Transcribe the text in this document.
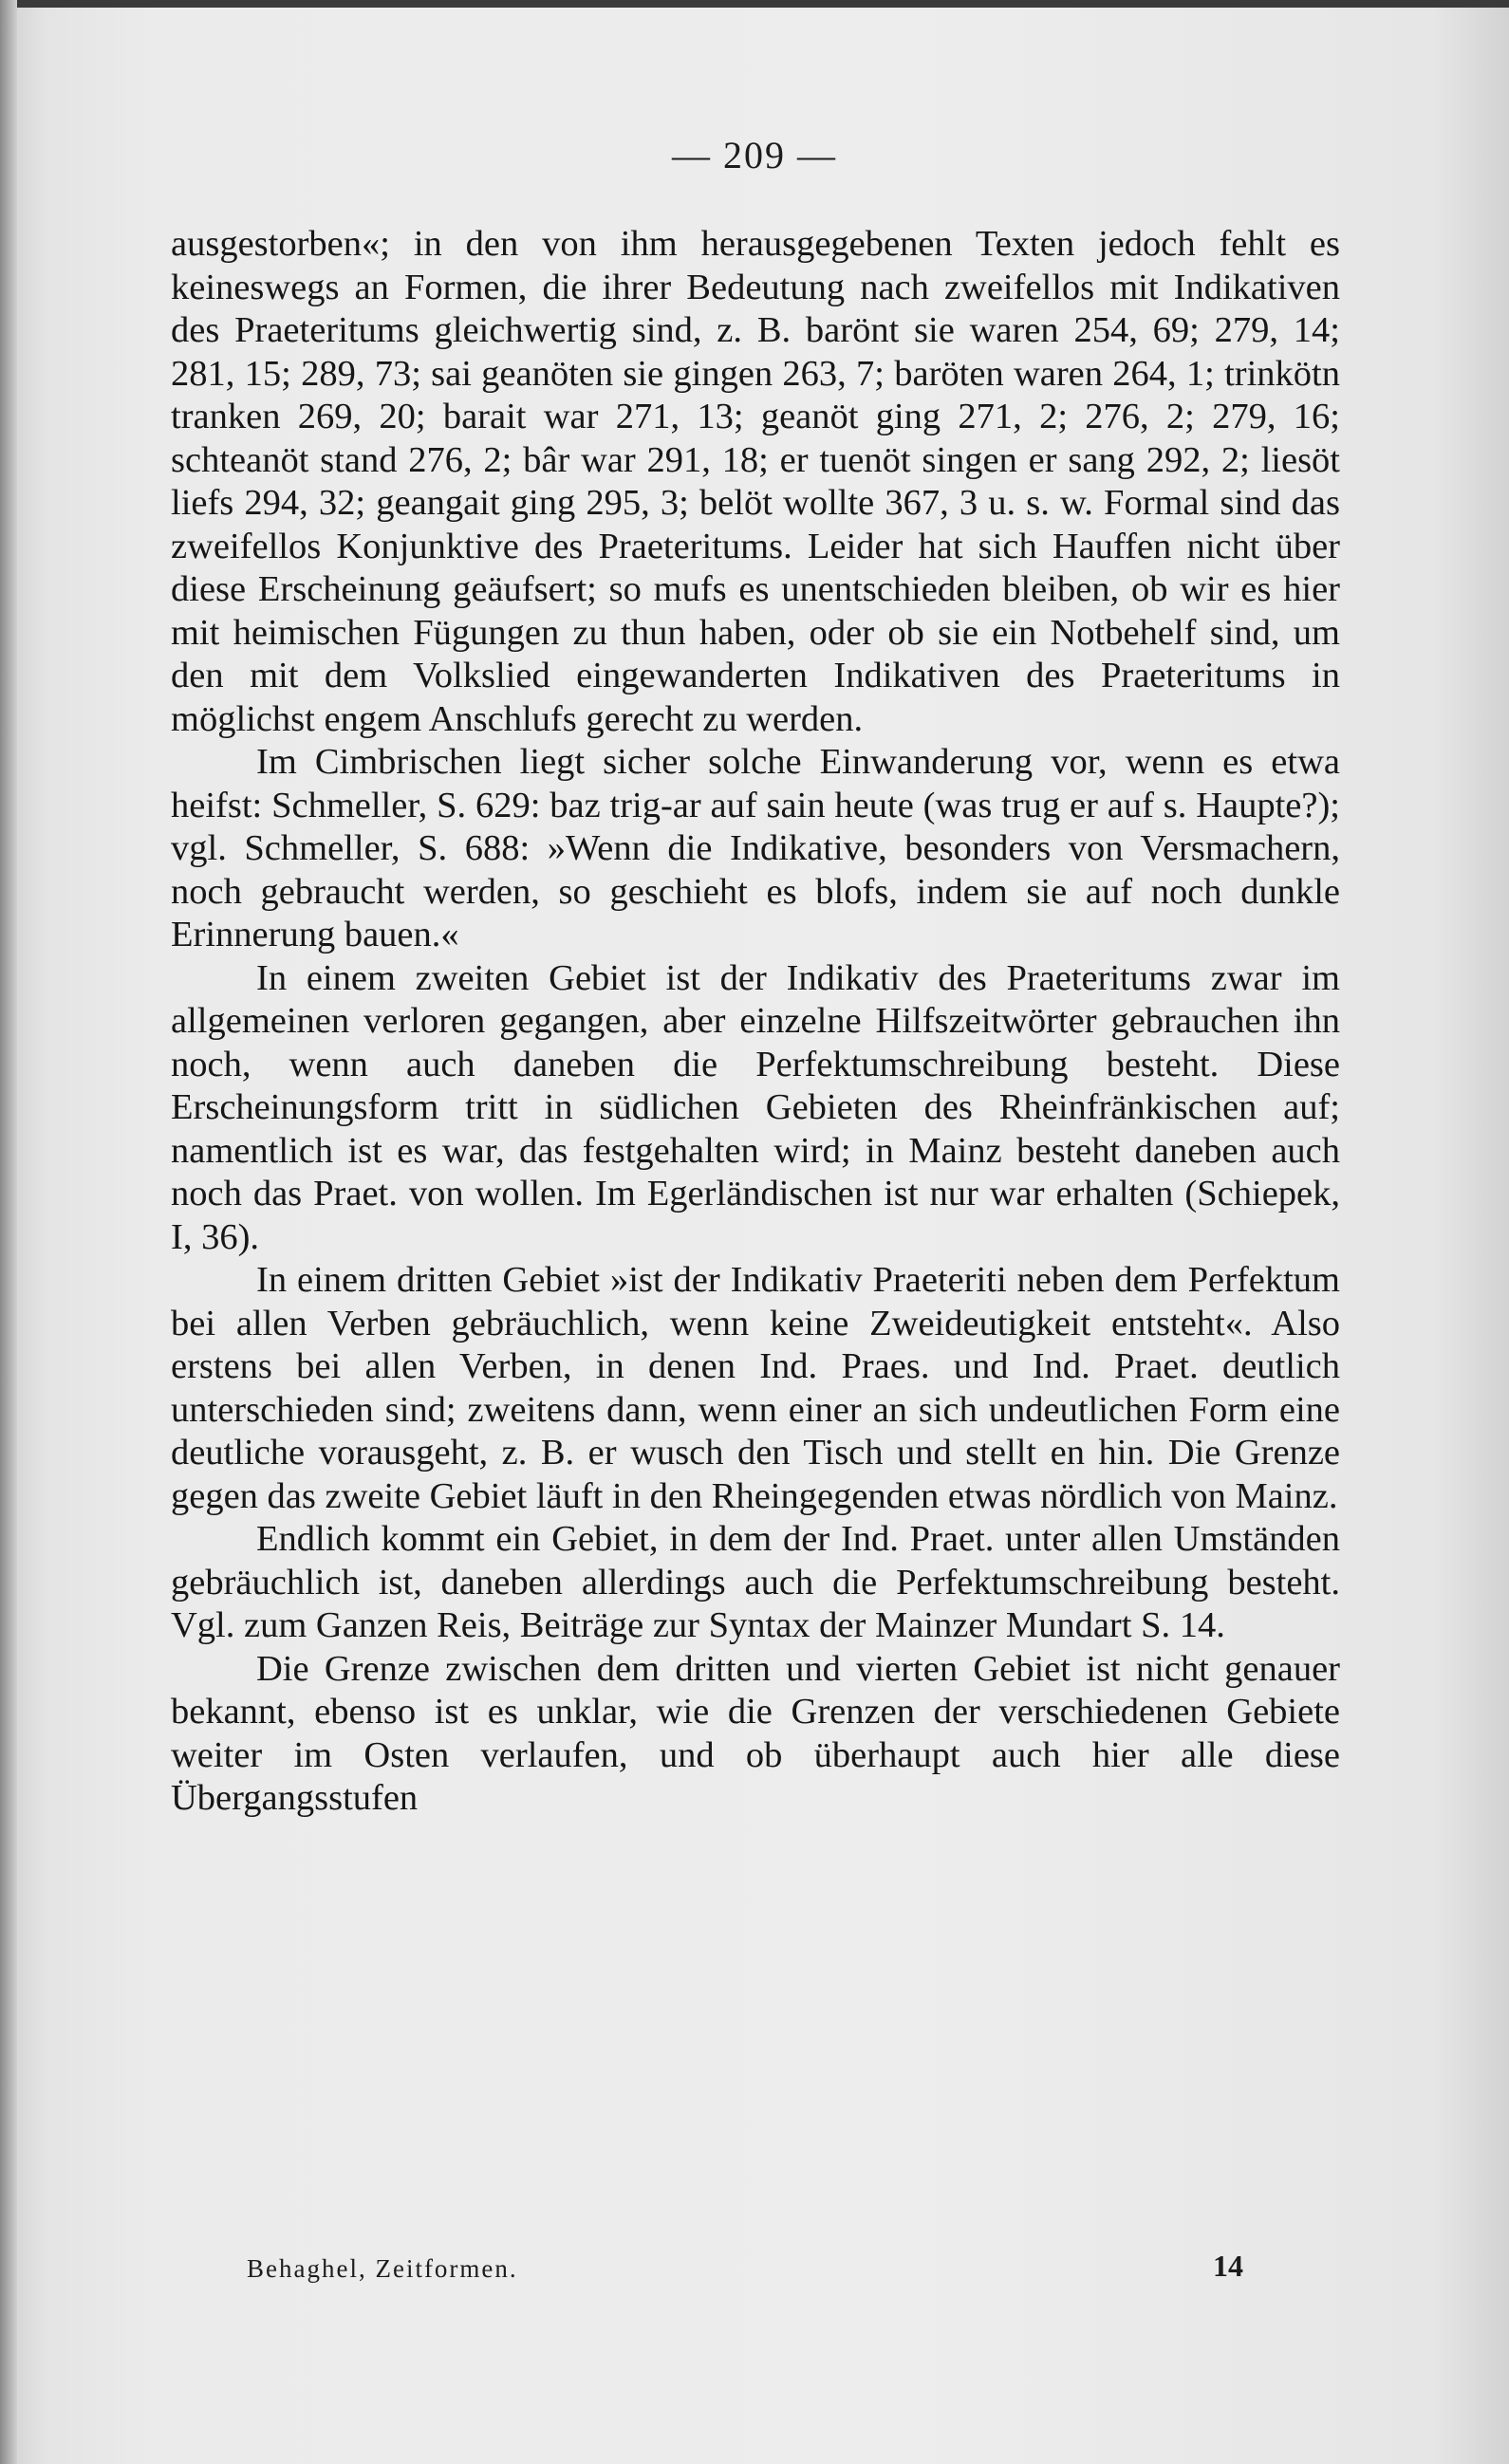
— 209 —

ausgestorben«; in den von ihm herausgegebenen Texten jedoch fehlt es keineswegs an Formen, die ihrer Bedeutung nach zweifellos mit Indikativen des Praeteritums gleichwertig sind, z. B. barönt sie waren 254, 69; 279, 14; 281, 15; 289, 73; sai geanöten sie gingen 263, 7; baröten waren 264, 1; trinkötn tranken 269, 20; barait war 271, 13; geanöt ging 271, 2; 276, 2; 279, 16; schteanöt stand 276, 2; bâr war 291, 18; er tuenöt singen er sang 292, 2; liesöt liefs 294, 32; geangait ging 295, 3; belöt wollte 367, 3 u. s. w. Formal sind das zweifellos Konjunktive des Praeteritums. Leider hat sich Hauffen nicht über diese Erscheinung geäufsert; so mufs es unentschieden bleiben, ob wir es hier mit heimischen Fügungen zu thun haben, oder ob sie ein Notbehelf sind, um den mit dem Volkslied eingewanderten Indikativen des Praeteritums in möglichst engem Anschlufs gerecht zu werden.

Im Cimbrischen liegt sicher solche Einwanderung vor, wenn es etwa heifst: Schmeller, S. 629: baz trig-ar auf sain heute (was trug er auf s. Haupte?); vgl. Schmeller, S. 688: »Wenn die Indikative, besonders von Versmachern, noch gebraucht werden, so geschieht es blofs, indem sie auf noch dunkle Erinnerung bauen.«

In einem zweiten Gebiet ist der Indikativ des Praeteritums zwar im allgemeinen verloren gegangen, aber einzelne Hilfszeitwörter gebrauchen ihn noch, wenn auch daneben die Perfektumschreibung besteht. Diese Erscheinungsform tritt in südlichen Gebieten des Rheinfränkischen auf; namentlich ist es war, das festgehalten wird; in Mainz besteht daneben auch noch das Praet. von wollen. Im Egerländischen ist nur war erhalten (Schiepek, I, 36).

In einem dritten Gebiet »ist der Indikativ Praeteriti neben dem Perfektum bei allen Verben gebräuchlich, wenn keine Zweideutigkeit entsteht«. Also erstens bei allen Verben, in denen Ind. Praes. und Ind. Praet. deutlich unterschieden sind; zweitens dann, wenn einer an sich undeutlichen Form eine deutliche vorausgeht, z. B. er wusch den Tisch und stellt en hin. Die Grenze gegen das zweite Gebiet läuft in den Rheingegenden etwas nördlich von Mainz.

Endlich kommt ein Gebiet, in dem der Ind. Praet. unter allen Umständen gebräuchlich ist, daneben allerdings auch die Perfektumschreibung besteht. Vgl. zum Ganzen Reis, Beiträge zur Syntax der Mainzer Mundart S. 14.

Die Grenze zwischen dem dritten und vierten Gebiet ist nicht genauer bekannt, ebenso ist es unklar, wie die Grenzen der verschiedenen Gebiete weiter im Osten verlaufen, und ob überhaupt auch hier alle diese Übergangsstufen

Behaghel, Zeitformen.	14
